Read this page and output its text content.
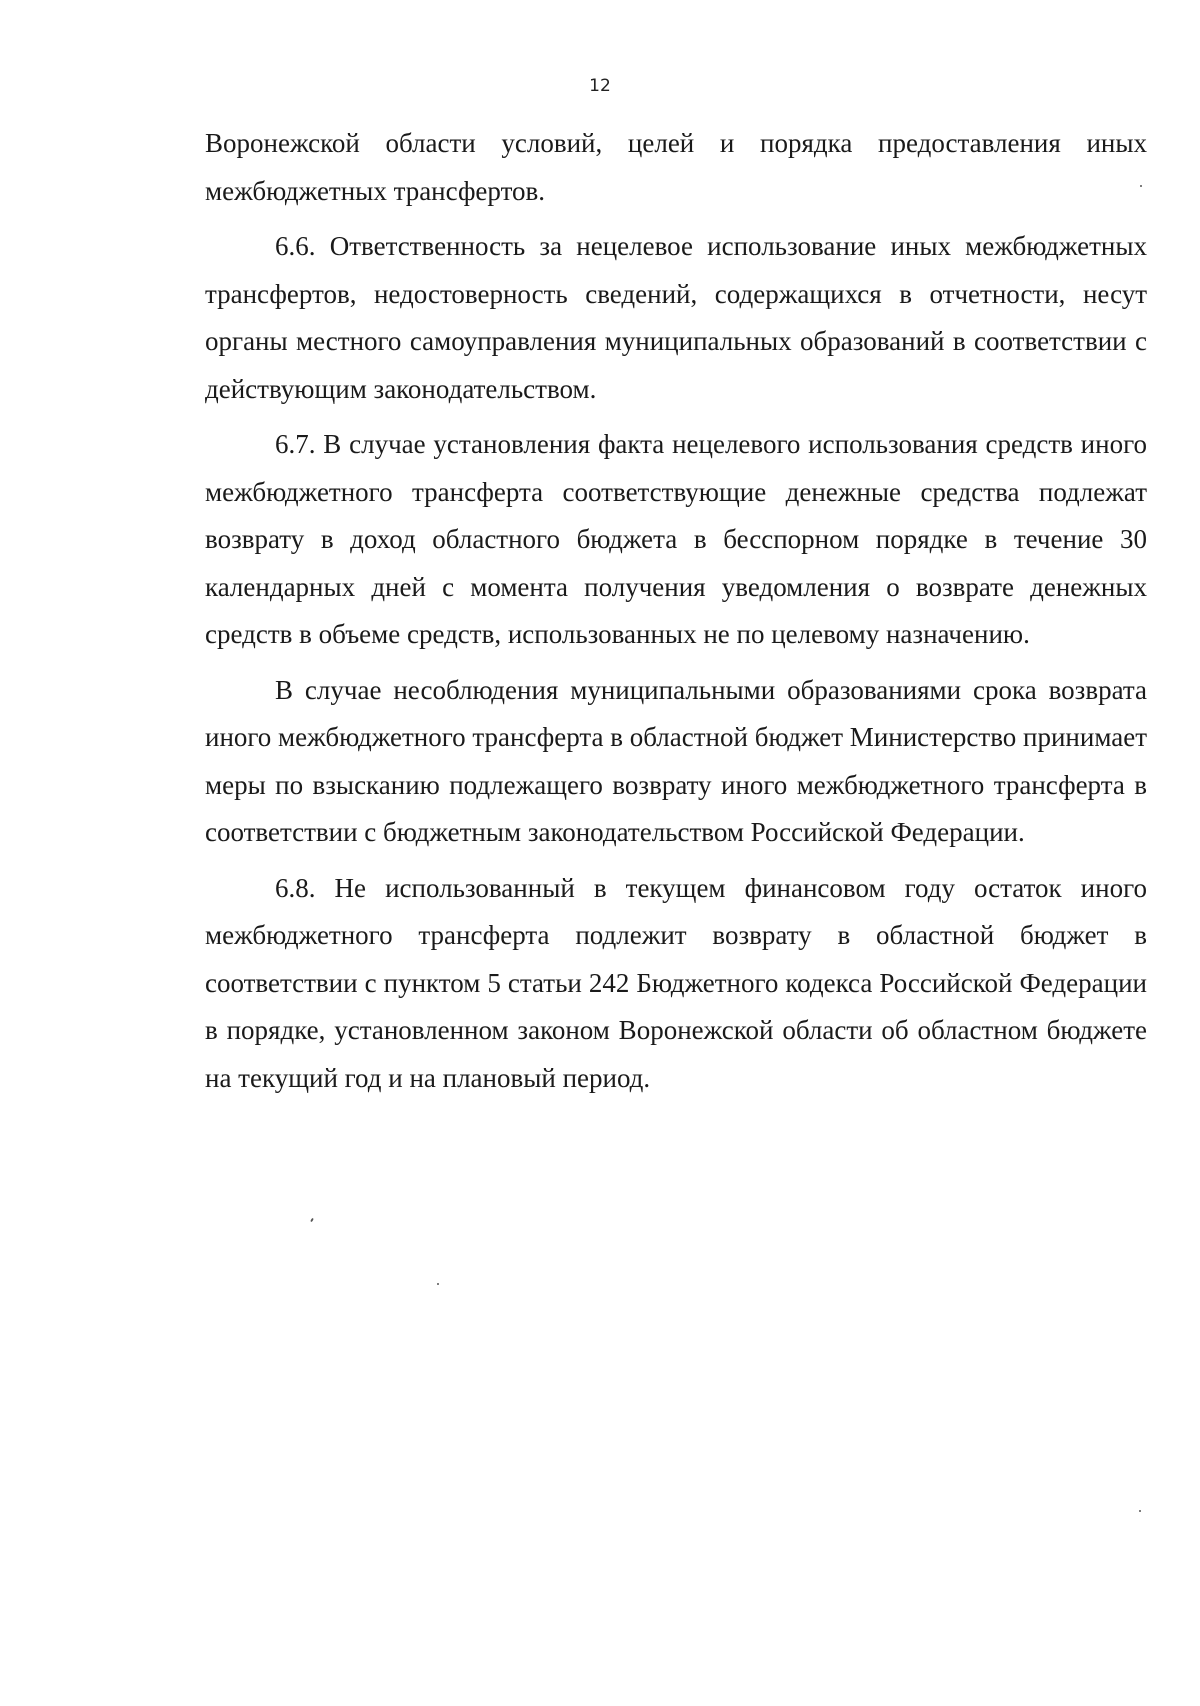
12

Воронежской области условий, целей и порядка предоставления иных межбюджетных трансфертов.

6.6. Ответственность за нецелевое использование иных межбюджетных трансфертов, недостоверность сведений, содержащихся в отчетности, несут органы местного самоуправления муниципальных образований в соответствии с действующим законодательством.

6.7. В случае установления факта нецелевого использования средств иного межбюджетного трансферта соответствующие денежные средства подлежат возврату в доход областного бюджета в бесспорном порядке в течение 30 календарных дней с момента получения уведомления о возврате денежных средств в объеме средств, использованных не по целевому назначению.

В случае несоблюдения муниципальными образованиями срока возврата иного межбюджетного трансферта в областной бюджет Министерство принимает меры по взысканию подлежащего возврату иного межбюджетного трансферта в соответствии с бюджетным законодательством Российской Федерации.

6.8. Не использованный в текущем финансовом году остаток иного межбюджетного трансферта подлежит возврату в областной бюджет в соответствии с пунктом 5 статьи 242 Бюджетного кодекса Российской Федерации в порядке, установленном законом Воронежской области об областном бюджете на текущий год и на плановый период.
